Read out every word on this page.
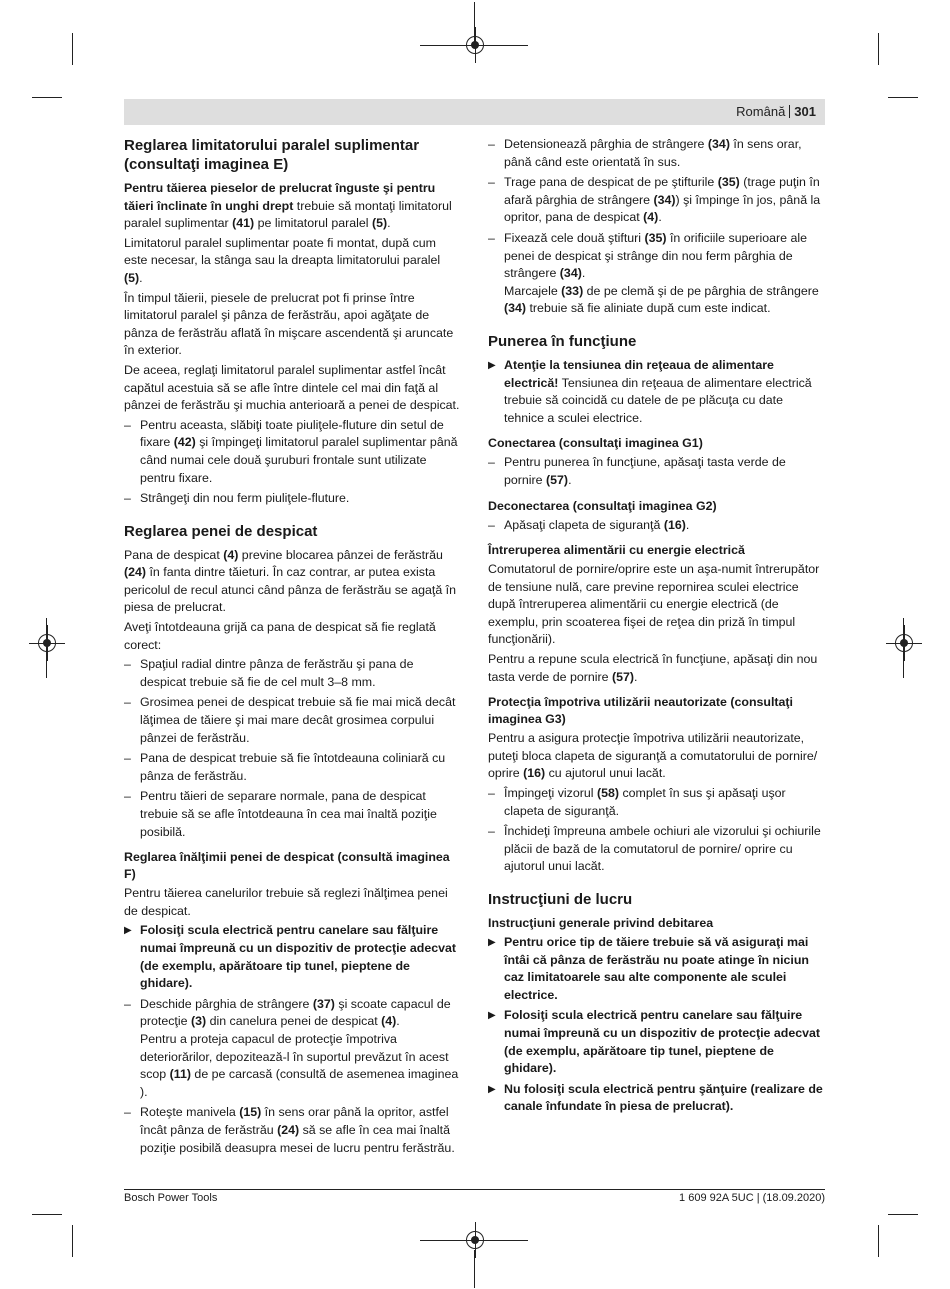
Română 301
Reglarea limitatorului paralel suplimentar (consultaţi imaginea E)

Pentru tăierea pieselor de prelucrat înguste şi pentru tăieri înclinate în unghi drept trebuie să montaţi limitatorul paralel suplimentar (41) pe limitatorul paralel (5).

Limitatorul paralel suplimentar poate fi montat, după cum este necesar, la stânga sau la dreapta limitatorului paralel (5).

În timpul tăierii, piesele de prelucrat pot fi prinse între limitatorul paralel şi pânza de ferăstrău, apoi agăţate de pânza de ferăstrău aflată în mişcare ascendentă şi aruncate în exterior.

De aceea, reglaţi limitatorul paralel suplimentar astfel încât capătul acestuia să se afle între dintele cel mai din faţă al pânzei de ferăstrău şi muchia anterioară a penei de despicat.

– Pentru aceasta, slăbiţi toate piuliţele-fluture din setul de fixare (42) şi împingeţi limitatorul paralel suplimentar până când numai cele două şuruburi frontale sunt utilizate pentru fixare.
– Strângeţi din nou ferm piuliţele-fluture.
Reglarea penei de despicat

Pana de despicat (4) previne blocarea pânzei de ferăstrău (24) în fanta dintre tăieturi. În caz contrar, ar putea exista pericolul de recul atunci când pânza de ferăstrău se agaţă în piesa de prelucrat.

Aveţi întotdeauna grijă ca pana de despicat să fie reglată corect:

– Spaţiul radial dintre pânza de ferăstrău şi pana de despicat trebuie să fie de cel mult 3–8 mm.
– Grosimea penei de despicat trebuie să fie mai mică decât lăţimea de tăiere şi mai mare decât grosimea corpului pânzei de ferăstrău.
– Pana de despicat trebuie să fie întotdeauna coliniară cu pânza de ferăstrău.
– Pentru tăieri de separare normale, pana de despicat trebuie să se afle întotdeauna în cea mai înaltă poziţie posibilă.
Reglarea înălţimii penei de despicat (consultă imaginea F)

Pentru tăierea canelurilor trebuie să reglezi înălţimea penei de despicat.

▶ Folosiţi scula electrică pentru canelare sau fălţuire numai împreună cu un dispozitiv de protecţie adecvat (de exemplu, apărătoare tip tunel, pieptene de ghidare).
– Deschide pârghia de strângere (37) şi scoate capacul de protecţie (3) din canelura penei de despicat (4).
Pentru a proteja capacul de protecţie împotriva deteriorărilor, depozitează-l în suportul prevăzut în acest scop (11) de pe carcasă (consultă de asemenea imaginea ).
– Roteşte manivela (15) în sens orar până la opritor, astfel încât pânza de ferăstrău (24) să se afle în cea mai înaltă poziţie posibilă deasupra mesei de lucru pentru ferăstrău.
– Detensionează pârghia de strângere (34) în sens orar, până când este orientată în sus.
– Trage pana de despicat de pe ştifturile (35) (trage puţin în afară pârghia de strângere (34)) şi împinge în jos, până la opritor, pana de despicat (4).
– Fixează cele două ştifturi (35) în orificiile superioare ale penei de despicat şi strânge din nou ferm pârghia de strângere (34).
Marcajele (33) de pe clemă şi de pe pârghia de strângere (34) trebuie să fie aliniate după cum este indicat.
Punerea în funcţiune
▶ Atenţie la tensiunea din reţeaua de alimentare electrică! Tensiunea din reţeaua de alimentare electrică trebuie să coincidă cu datele de pe plăcuţa cu date tehnice a sculei electrice.
Conectarea (consultaţi imaginea G1)
– Pentru punerea în funcţiune, apăsaţi tasta verde de pornire (57).
Deconectarea (consultaţi imaginea G2)
– Apăsaţi clapeta de siguranţă (16).
Întreruperea alimentării cu energie electrică

Comutatorul de pornire/oprire este un aşa-numit întrerupător de tensiune nulă, care previne repornirea sculei electrice după întreruperea alimentării cu energie electrică (de exemplu, prin scoaterea fişei de reţea din priză în timpul funcţionării).

Pentru a repune scula electrică în funcţiune, apăsaţi din nou tasta verde de pornire (57).

Protecţia împotriva utilizării neautorizate (consultaţi imaginea G3)

Pentru a asigura protecţie împotriva utilizării neautorizate, puteţi bloca clapeta de siguranţă a comutatorului de pornire/ oprire (16) cu ajutorul unui lacăt.

– Împingeţi vizorul (58) complet în sus şi apăsaţi uşor clapeta de siguranţă.
– Închideţi împreuna ambele ochiuri ale vizorului şi ochiurile plăcii de bază de la comutatorul de pornire/ oprire cu ajutorul unui lacăt.
Instrucţiuni de lucru
Instrucţiuni generale privind debitarea
▶ Pentru orice tip de tăiere trebuie să vă asiguraţi mai întâi că pânza de ferăstrău nu poate atinge în niciun caz limitatoarele sau alte componente ale sculei electrice.
▶ Folosiţi scula electrică pentru canelare sau fălţuire numai împreună cu un dispozitiv de protecţie adecvat (de exemplu, apărătoare tip tunel, pieptene de ghidare).
▶ Nu folosiţi scula electrică pentru şănţuire (realizare de canale înfundate în piesa de prelucrat).
Bosch Power Tools	1 609 92A 5UC | (18.09.2020)
